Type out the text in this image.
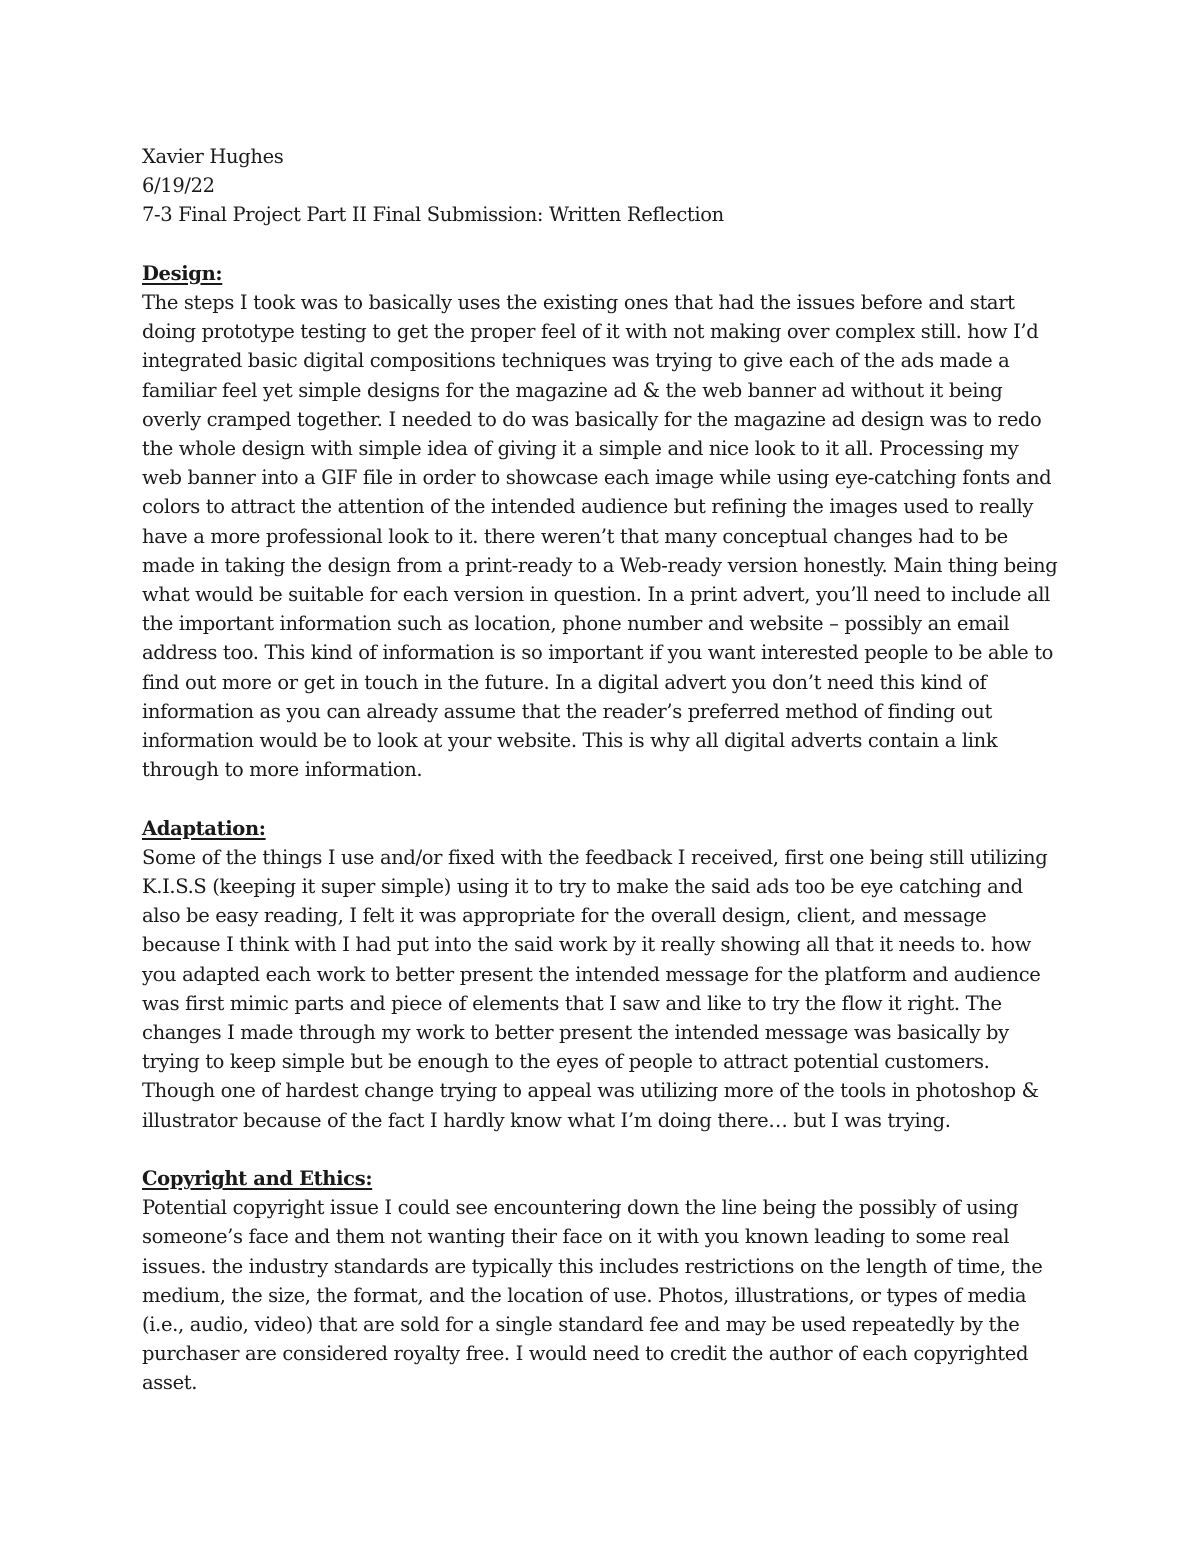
Xavier Hughes
6/19/22
7-3 Final Project Part II Final Submission: Written Reflection
Design:

The steps I took was to basically uses the existing ones that had the issues before and start doing prototype testing to get the proper feel of it with not making over complex still. how I’d integrated basic digital compositions techniques was trying to give each of the ads made a familiar feel yet simple designs for the magazine ad & the web banner ad without it being overly cramped together. I needed to do was basically for the magazine ad design was to redo the whole design with simple idea of giving it a simple and nice look to it all. Processing my web banner into a GIF file in order to showcase each image while using eye-catching fonts and colors to attract the attention of the intended audience but refining the images used to really have a more professional look to it. there weren’t that many conceptual changes had to be made in taking the design from a print-ready to a Web-ready version honestly. Main thing being what would be suitable for each version in question. In a print advert, you’ll need to include all the important information such as location, phone number and website – possibly an email address too. This kind of information is so important if you want interested people to be able to find out more or get in touch in the future. In a digital advert you don’t need this kind of information as you can already assume that the reader’s preferred method of finding out information would be to look at your website. This is why all digital adverts contain a link through to more information.

Adaptation:

Some of the things I use and/or fixed with the feedback I received, first one being still utilizing K.I.S.S (keeping it super simple) using it to try to make the said ads too be eye catching and also be easy reading, I felt it was appropriate for the overall design, client, and message because I think with I had put into the said work by it really showing all that it needs to. how you adapted each work to better present the intended message for the platform and audience was first mimic parts and piece of elements that I saw and like to try the flow it right. The changes I made through my work to better present the intended message was basically by trying to keep simple but be enough to the eyes of people to attract potential customers. Though one of hardest change trying to appeal was utilizing more of the tools in photoshop & illustrator because of the fact I hardly know what I’m doing there… but I was trying.

Copyright and Ethics:

Potential copyright issue I could see encountering down the line being the possibly of using someone’s face and them not wanting their face on it with you known leading to some real issues. the industry standards are typically this includes restrictions on the length of time, the medium, the size, the format, and the location of use. Photos, illustrations, or types of media (i.e., audio, video) that are sold for a single standard fee and may be used repeatedly by the purchaser are considered royalty free. I would need to credit the author of each copyrighted asset.
